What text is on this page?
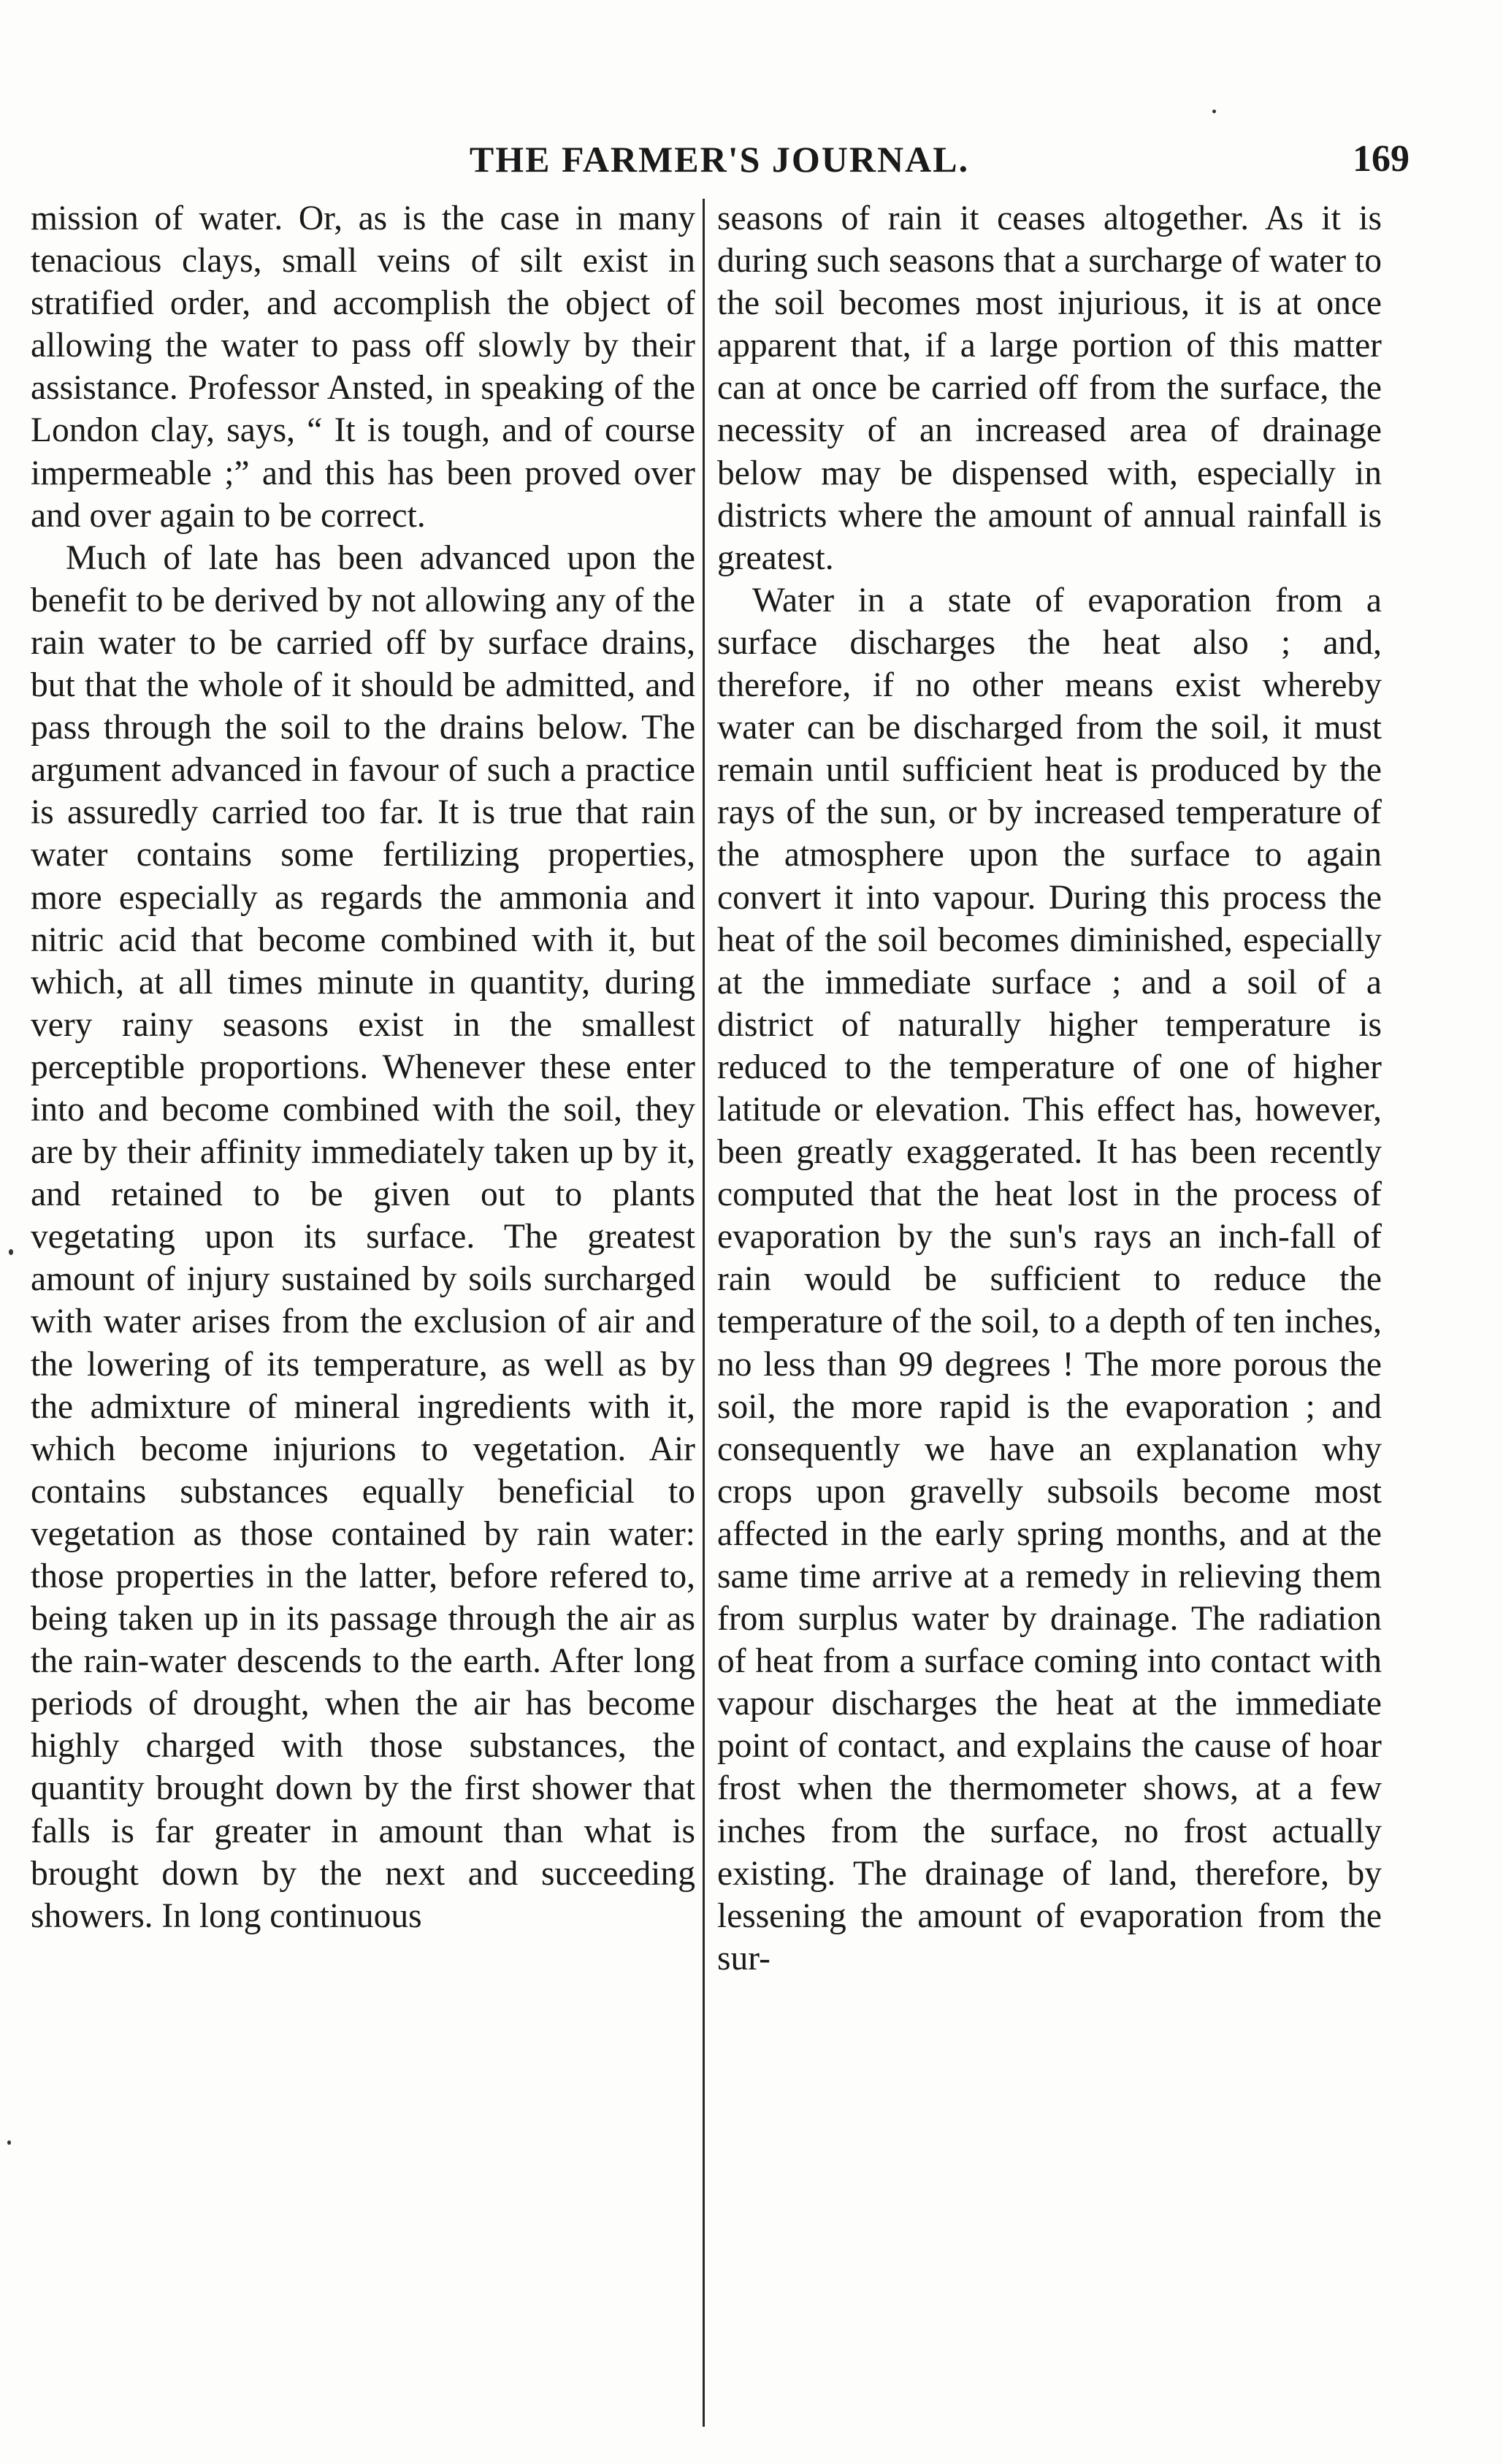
THE FARMER'S JOURNAL.	169

mission of water. Or, as is the case in many tenacious clays, small veins of silt exist in stratified order, and accomplish the object of allowing the water to pass off slowly by their assistance. Professor Ansted, in speaking of the London clay, says, “ It is tough, and of course impermeable ;” and this has been proved over and over again to be correct.

Much of late has been advanced upon the benefit to be derived by not allowing any of the rain water to be carried off by surface drains, but that the whole of it should be admitted, and pass through the soil to the drains below. The argument advanced in favour of such a practice is assuredly carried too far. It is true that rain water contains some fertilizing properties, more especially as regards the ammonia and nitric acid that become combined with it, but which, at all times minute in quantity, during very rainy seasons exist in the smallest perceptible proportions. Whenever these enter into and become combined with the soil, they are by their affinity immediately taken up by it, and retained to be given out to plants vegetating upon its surface. The greatest amount of injury sustained by soils surcharged with water arises from the exclusion of air and the lowering of its temperature, as well as by the admixture of mineral ingredients with it, which become injurions to vegetation. Air contains substances equally beneficial to vegetation as those contained by rain water: those properties in the latter, before refered to, being taken up in its passage through the air as the rain-water descends to the earth. After long periods of drought, when the air has become highly charged with those substances, the quantity brought down by the first shower that falls is far greater in amount than what is brought down by the next and succeeding showers. In long continuous

seasons of rain it ceases altogether. As it is during such seasons that a surcharge of water to the soil becomes most injurious, it is at once apparent that, if a large portion of this matter can at once be carried off from the surface, the necessity of an increased area of drainage below may be dispensed with, especially in districts where the amount of annual rainfall is greatest.

Water in a state of evaporation from a surface discharges the heat also ; and, therefore, if no other means exist whereby water can be discharged from the soil, it must remain until sufficient heat is produced by the rays of the sun, or by increased temperature of the atmosphere upon the surface to again convert it into vapour. During this process the heat of the soil becomes diminished, especially at the immediate surface ; and a soil of a district of naturally higher temperature is reduced to the temperature of one of higher latitude or elevation. This effect has, however, been greatly exaggerated. It has been recently computed that the heat lost in the process of evaporation by the sun's rays an inch-fall of rain would be sufficient to reduce the temperature of the soil, to a depth of ten inches, no less than 99 degrees ! The more porous the soil, the more rapid is the evaporation ; and consequently we have an explanation why crops upon gravelly subsoils become most affected in the early spring months, and at the same time arrive at a remedy in relieving them from surplus water by drainage. The radiation of heat from a surface coming into contact with vapour discharges the heat at the immediate point of contact, and explains the cause of hoar frost when the thermometer shows, at a few inches from the surface, no frost actually existing. The drainage of land, therefore, by lessening the amount of evaporation from the sur-
